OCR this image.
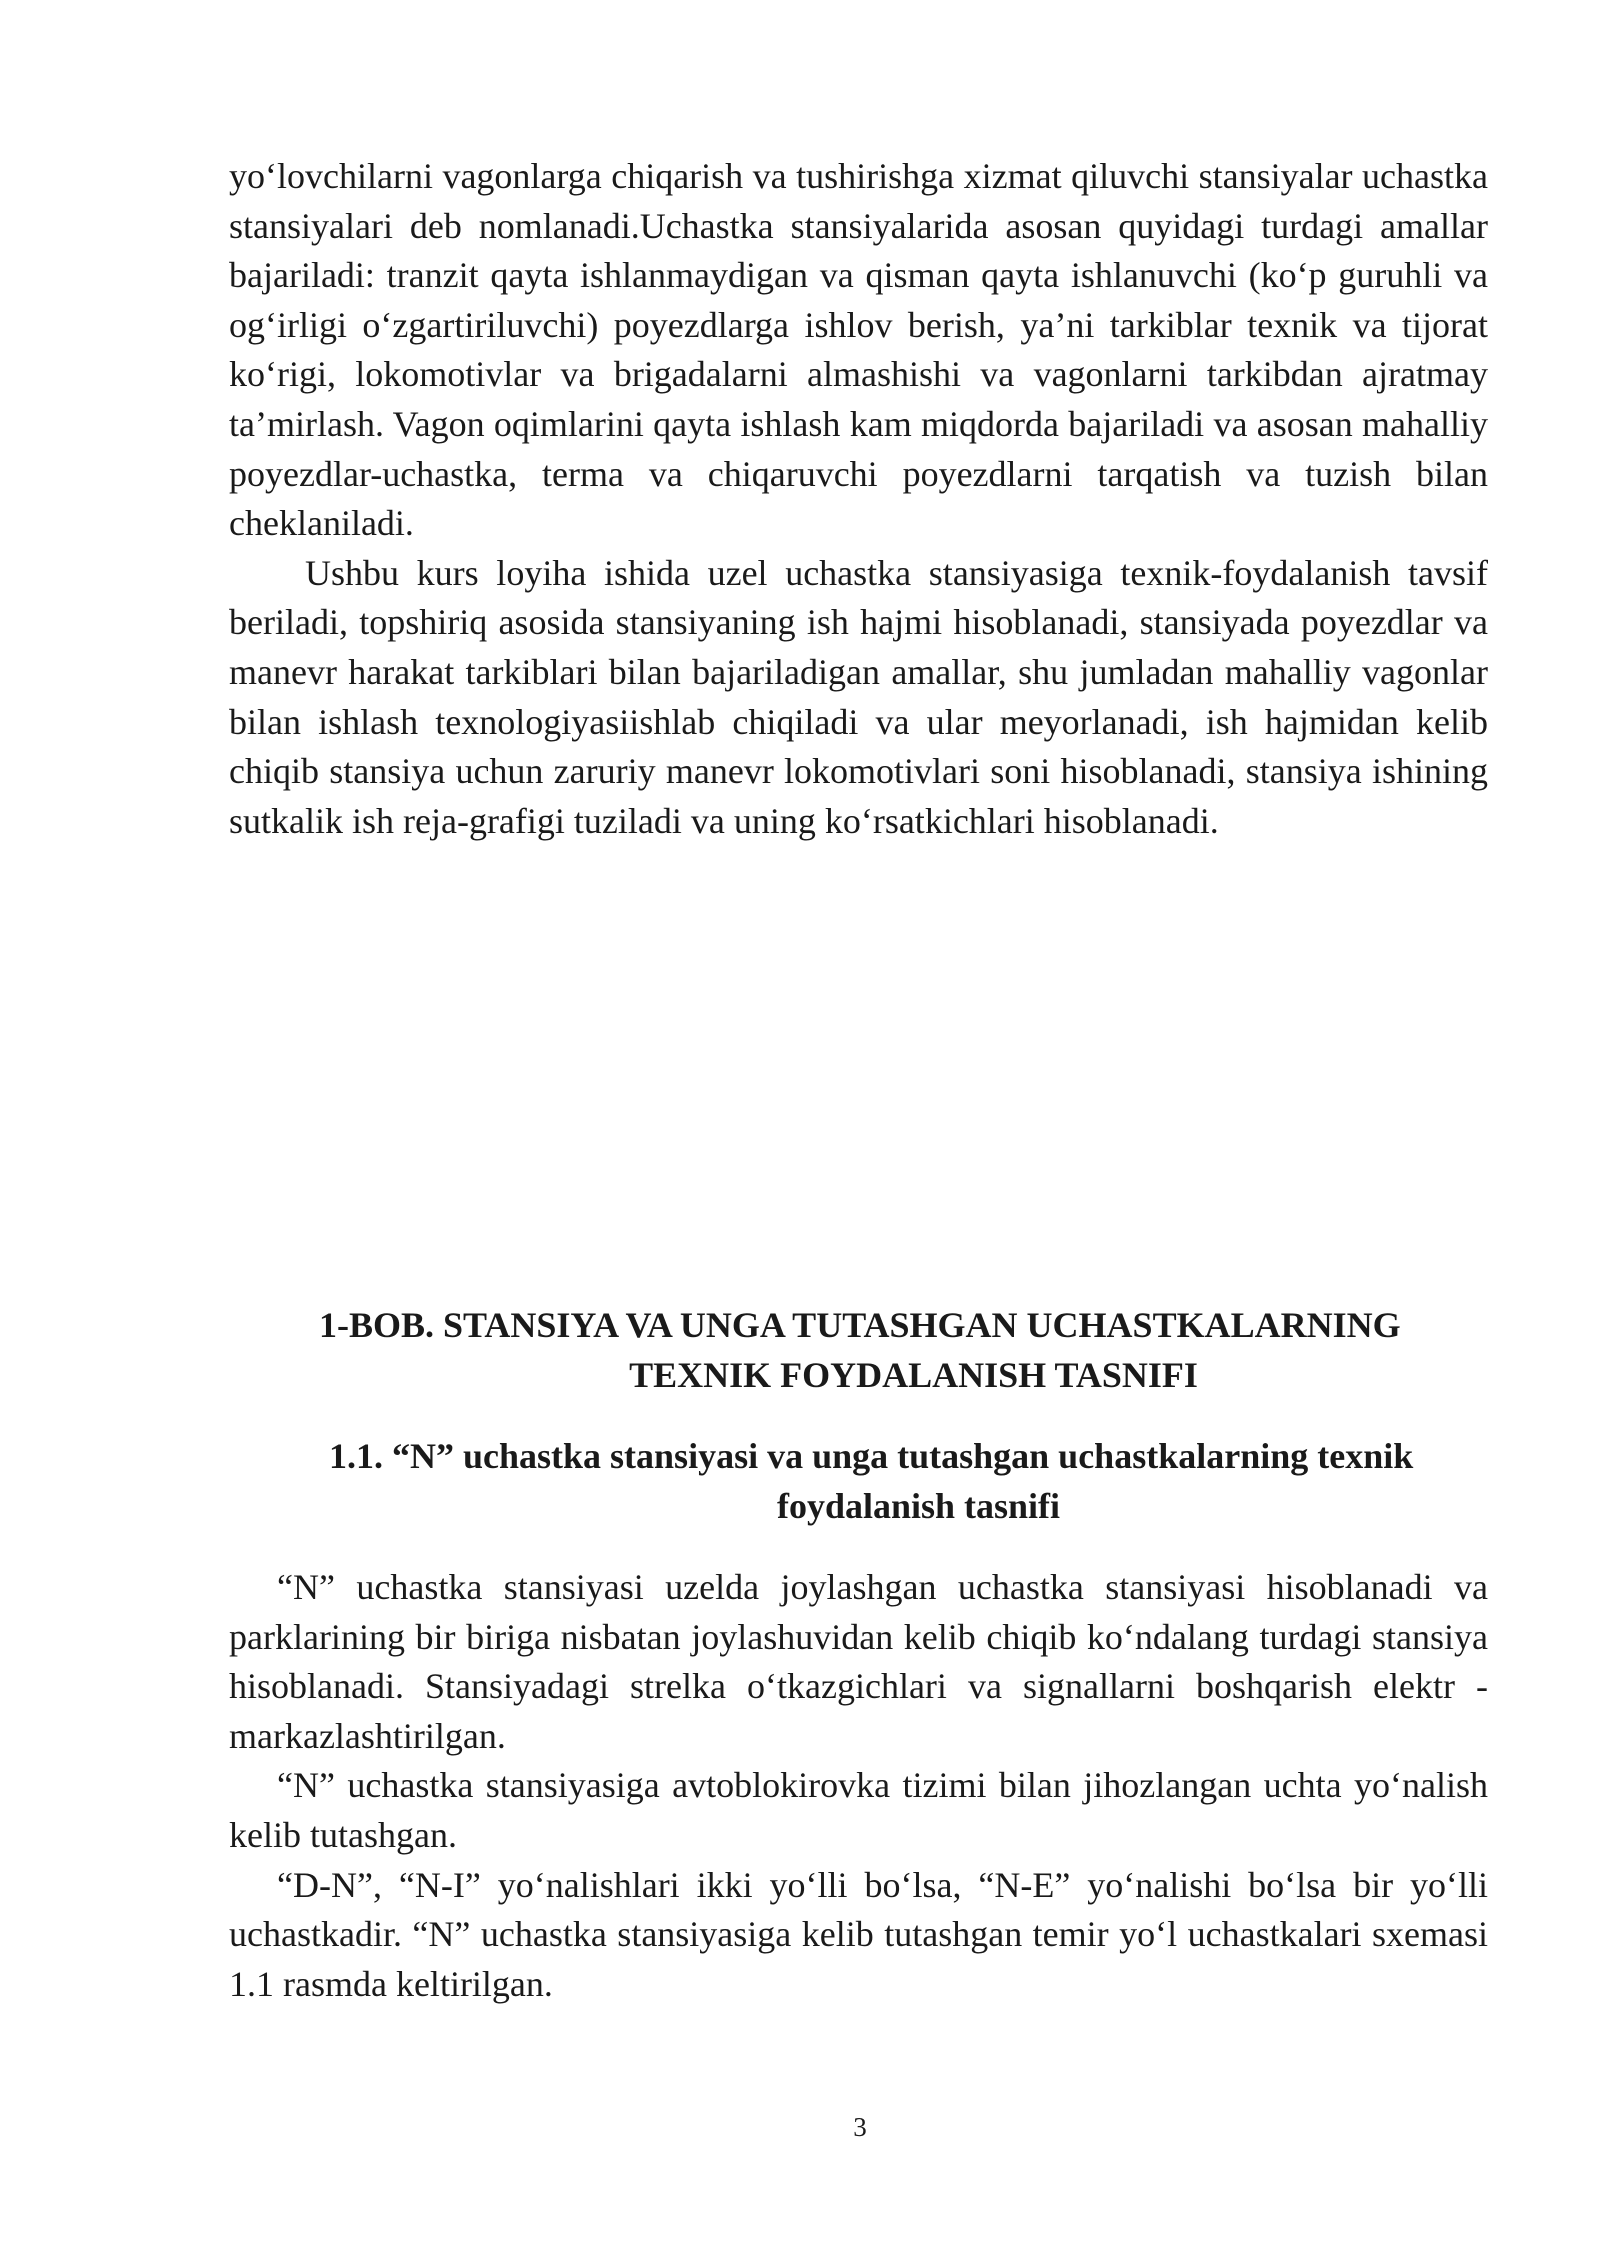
yo‘lovchilarni vagonlarga chiqarish va tushirishga xizmat qiluvchi stansiyalar uchastka stansiyalari deb nomlanadi.Uchastka stansiyalarida asosan quyidagi turdagi amallar bajariladi: tranzit qayta ishlanmaydigan va qisman qayta ishlanuvchi (ko‘p guruhli va og‘irligi o‘zgartiriluvchi) poyezdlarga ishlov berish, ya’ni tarkiblar texnik va tijorat ko‘rigi, lokomotivlar va brigadalarni almashishi va vagonlarni tarkibdan ajratmay ta’mirlash. Vagon oqimlarini qayta ishlash kam miqdorda bajariladi va asosan mahalliy poyezdlar-uchastka, terma va chiqaruvchi poyezdlarni tarqatish va tuzish bilan cheklaniladi.

Ushbu kurs loyiha ishida uzel uchastka stansiyasiga texnik-foydalanish tavsif beriladi, topshiriq asosida stansiyaning ish hajmi hisoblanadi, stansiyada poyezdlar va manevr harakat tarkiblari bilan bajariladigan amallar, shu jumladan mahalliy vagonlar bilan ishlash texnologiyasiishlab chiqiladi va ular meyorlanadi, ish hajmidan kelib chiqib stansiya uchun zaruriy manevr lokomotivlari soni hisoblanadi, stansiya ishining sutkalik ish reja-grafigi tuziladi va uning ko‘rsatkichlari hisoblanadi.

1-BOB. STANSIYA VA UNGA TUTASHGAN UCHASTKALARNING
TEXNIK FOYDALANISH TASNIFI
1.1. “N” uchastka stansiyasi va unga tutashgan uchastkalarning texnik
foydalanish tasnifi

“N” uchastka stansiyasi uzelda joylashgan uchastka stansiyasi hisoblanadi va parklarining bir biriga nisbatan joylashuvidan kelib chiqib ko‘ndalang turdagi stansiya hisoblanadi. Stansiyadagi strelka o‘tkazgichlari va signallarni boshqarish elektr - markazlashtirilgan.

“N” uchastka stansiyasiga avtoblokirovka tizimi bilan jihozlangan uchta yo‘nalish kelib tutashgan.

“D-N”, “N-I” yo‘nalishlari ikki yo‘lli bo‘lsa, “N-E” yo‘nalishi bo‘lsa bir yo‘lli uchastkadir. “N” uchastka stansiyasiga kelib tutashgan temir yo‘l uchastkalari sxemasi 1.1 rasmda keltirilgan.

3
